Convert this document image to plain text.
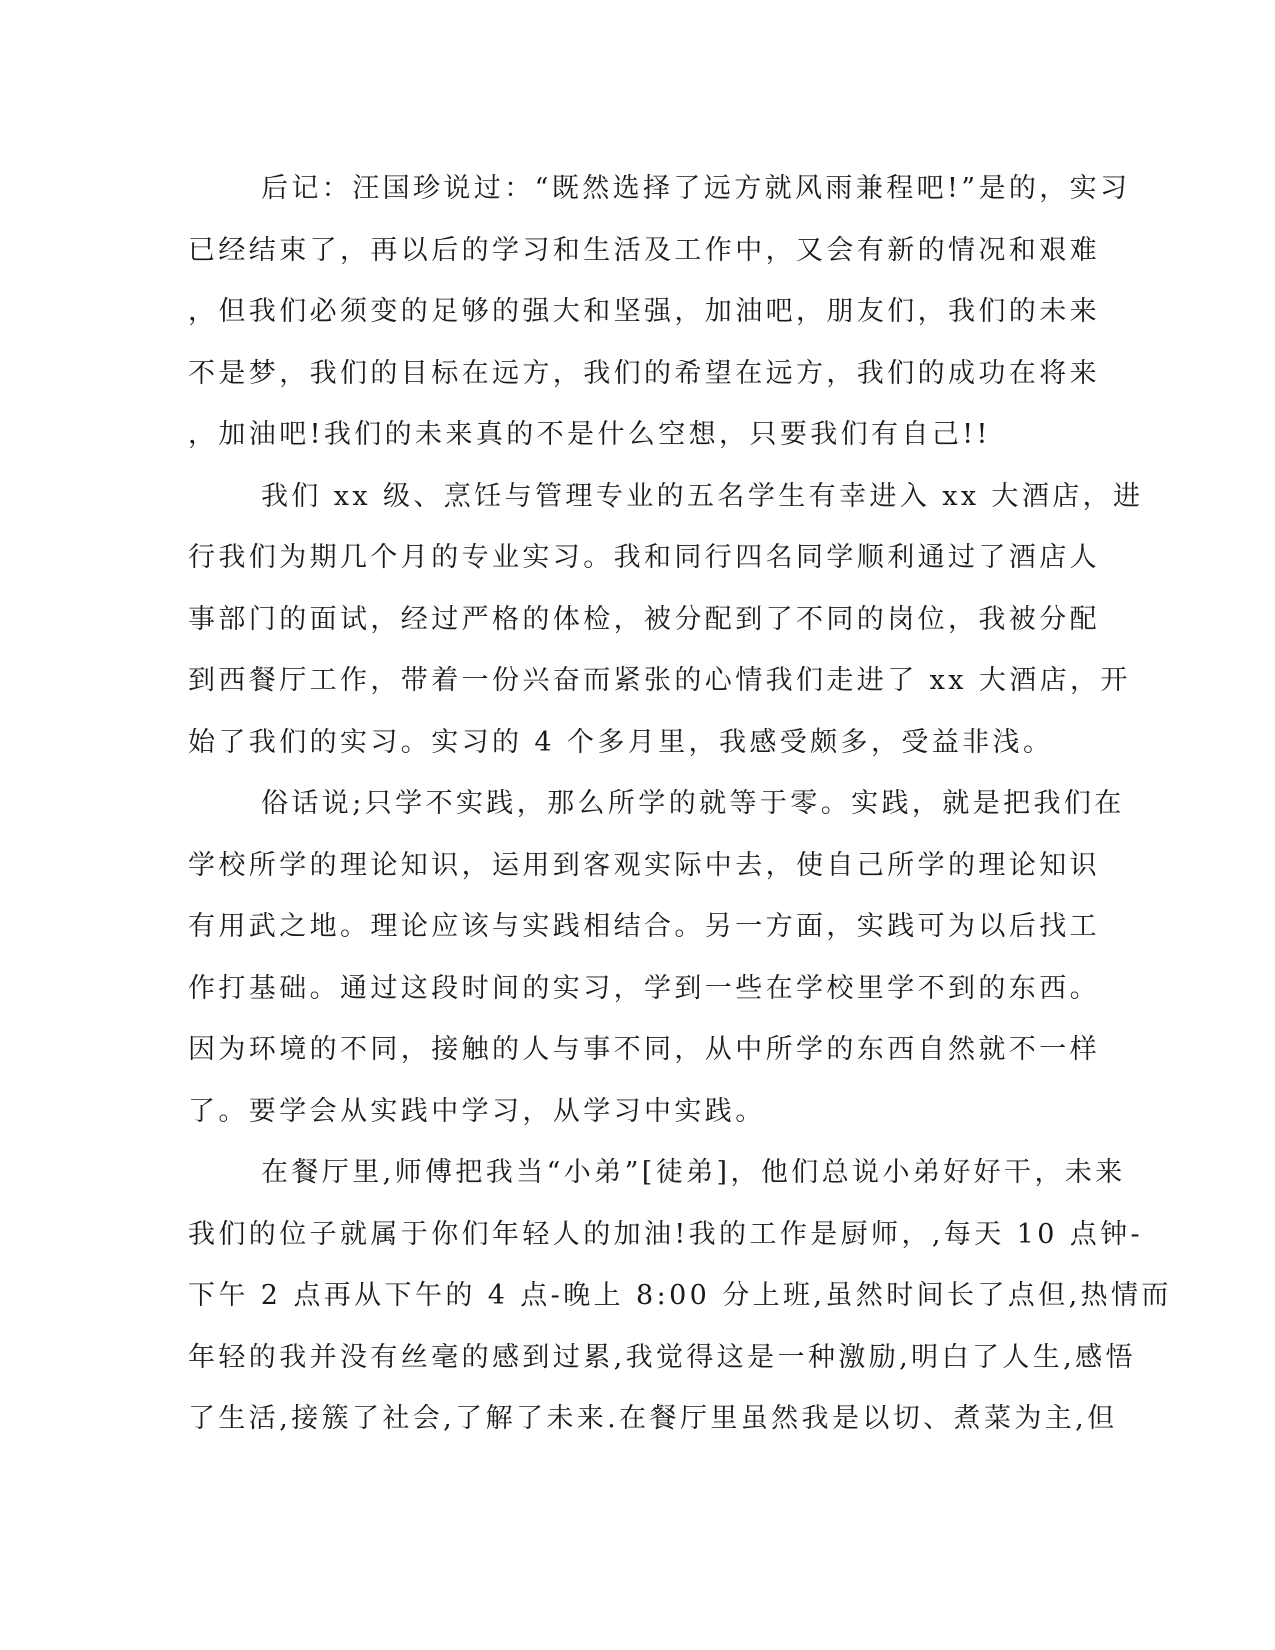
后记：汪国珍说过：“既然选择了远方就风雨兼程吧!”是的，实习
已经结束了，再以后的学习和生活及工作中，又会有新的情况和艰难
，但我们必须变的足够的强大和坚强，加油吧，朋友们，我们的未来
不是梦，我们的目标在远方，我们的希望在远方，我们的成功在将来
，加油吧!我们的未来真的不是什么空想，只要我们有自己!!
我们 xx 级、烹饪与管理专业的五名学生有幸进入 xx 大酒店，进
行我们为期几个月的专业实习。我和同行四名同学顺利通过了酒店人
事部门的面试，经过严格的体检，被分配到了不同的岗位，我被分配
到西餐厅工作，带着一份兴奋而紧张的心情我们走进了 xx 大酒店，开
始了我们的实习。实习的 4 个多月里，我感受颇多，受益非浅。
俗话说;只学不实践，那么所学的就等于零。实践，就是把我们在
学校所学的理论知识，运用到客观实际中去，使自己所学的理论知识
有用武之地。理论应该与实践相结合。另一方面，实践可为以后找工
作打基础。通过这段时间的实习，学到一些在学校里学不到的东西。
因为环境的不同，接触的人与事不同，从中所学的东西自然就不一样
了。要学会从实践中学习，从学习中实践。
在餐厅里,师傅把我当“小弟”[徒弟]，他们总说小弟好好干，未来
我们的位子就属于你们年轻人的加油!我的工作是厨师，,每天 10 点钟-
下午 2 点再从下午的 4 点-晚上 8:00 分上班,虽然时间长了点但,热情而
年轻的我并没有丝毫的感到过累,我觉得这是一种激励,明白了人生,感悟
了生活,接簇了社会,了解了未来.在餐厅里虽然我是以切、煮菜为主,但
